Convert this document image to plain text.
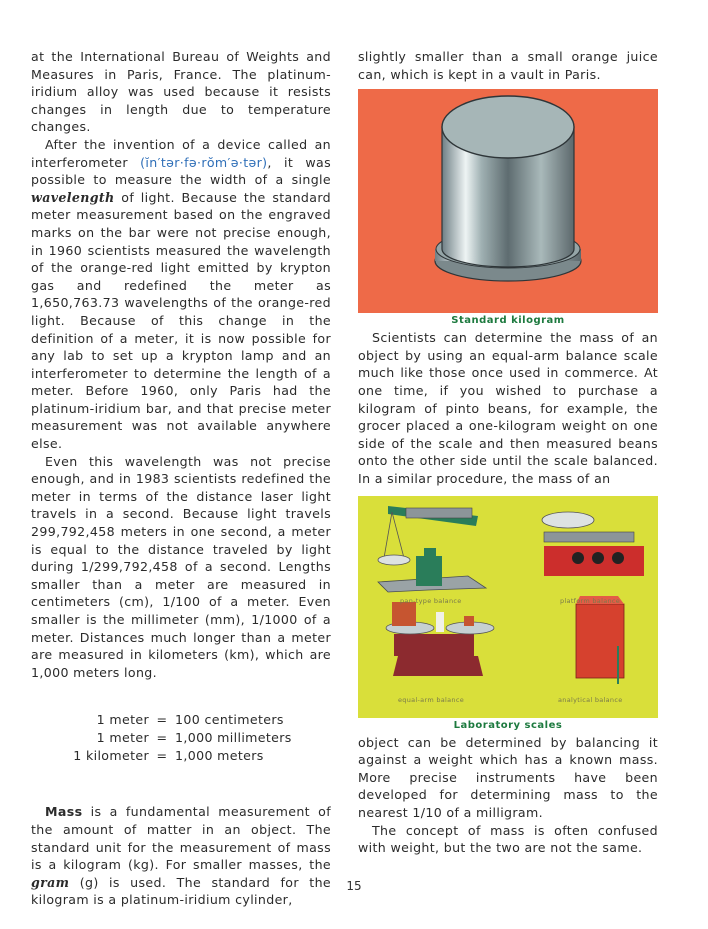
at the International Bureau of Weights and Measures in Paris, France. The platinum-iridium alloy was used because it resists changes in length due to temperature changes.

After the invention of a device called an interferometer (ĭn′tər·fə·rŏm′ə·tər), it was possible to measure the width of a single wavelength of light. Because the standard meter measurement based on the engraved marks on the bar were not precise enough, in 1960 scientists measured the wavelength of the orange-red light emitted by krypton gas and redefined the meter as 1,650,763.73 wavelengths of the orange-red light. Because of this change in the definition of a meter, it is now possible for any lab to set up a krypton lamp and an interferometer to determine the length of a meter. Before 1960, only Paris had the platinum-iridium bar, and that precise meter measurement was not available anywhere else.

Even this wavelength was not precise enough, and in 1983 scientists redefined the meter in terms of the distance laser light travels in a second. Because light travels 299,792,458 meters in one second, a meter is equal to the distance traveled by light during 1/299,792,458 of a second. Lengths smaller than a meter are measured in centimeters (cm), 1/100 of a meter. Even smaller is the millimeter (mm), 1/1000 of a meter. Distances much longer than a meter are measured in kilometers (km), which are 1,000 meters long.

1 meter = 100 centimeters
1 meter = 1,000 millimeters
1 kilometer = 1,000 meters

Mass is a fundamental measurement of the amount of matter in an object. The standard unit for the measurement of mass is a kilogram (kg). For smaller masses, the gram (g) is used. The standard for the kilogram is a platinum-iridium cylinder,

slightly smaller than a small orange juice can, which is kept in a vault in Paris.

Standard kilogram

Scientists can determine the mass of an object by using an equal-arm balance scale much like those once used in commerce. At one time, if you wished to purchase a kilogram of pinto beans, for example, the grocer placed a one-kilogram weight on one side of the scale and then measured beans onto the other side until the scale balanced. In a similar procedure, the mass of an

pan-type balance	platform balance
equal-arm balance	analytical balance
Laboratory scales

object can be determined by balancing it against a weight which has a known mass. More precise instruments have been developed for determining mass to the nearest 1/10 of a milligram.

The concept of mass is often confused with weight, but the two are not the same.

15
